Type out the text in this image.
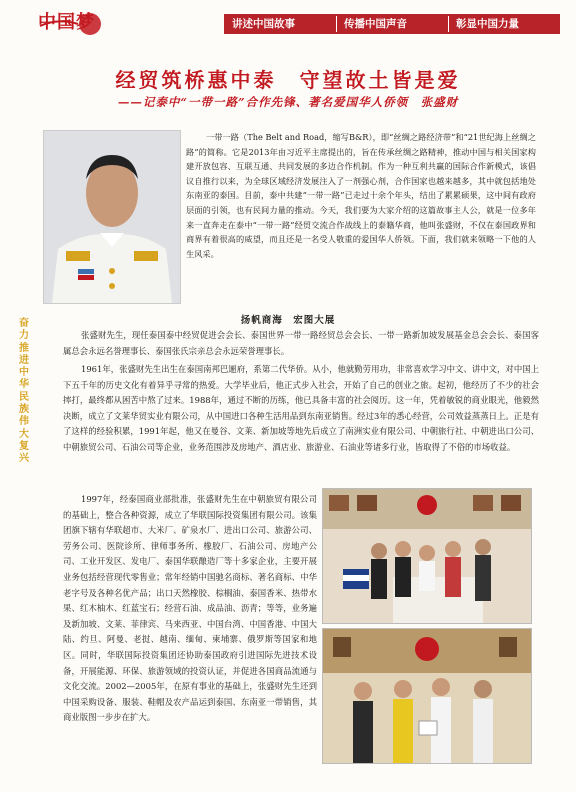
中国梦	讲述中国故事	传播中国声音	彰显中国力量
经贸筑桥惠中泰　守望故土皆是爱
——记泰中“一带一路”合作先锋、著名爱国华人侨领　张盛财
一带一路（The Belt and Road，缩写B&R），即“丝绸之路经济带”和“21世纪海上丝绸之路”的简称。它是2013年由习近平主席提出的，旨在传承丝绸之路精神，推动中国与相关国家构建开放包容、互联互通、共同发展的多边合作机制。作为一种互利共赢的国际合作新模式，该倡议自推行以来，为全球区域经济发展注入了一剂强心剂，合作国家也越来越多，其中就包括地处东南亚的泰国。目前，泰中共建“一带一路”已走过十余个年头，结出了累累硕果，这中间有政府层面的引领，也有民间力量的推动。今天，我们要为大家介绍的这篇故事主人公，就是一位多年来一直奔走在泰中“一带一路”经贸交流合作战线上的泰籍华商，他叫张盛财，不仅在泰国政界和商界有着很高的威望，而且还是一名受人敬重的爱国华人侨领。下面，我们就来领略一下他的人生风采。
奋
力
推
进
中
华
民
族
伟
大
复
兴
扬帆商海　宏图大展
张盛财先生，现任泰国泰中经贸促进会会长、泰国世界一带一路经贸总会会长、一带一路新加坡发展基金总会会长、泰国客属总会永远名誉理事长、泰国张氏宗亲总会永远荣誉理事长。
1961年，张盛财先生出生在泰国南邦巴逦府，系第二代华侨。从小，他就勤劳用功，非常喜欢学习中文、讲中文，对中国上下五千年的历史文化有着异乎寻常的热爱。大学毕业后，他正式步入社会，开始了自己的创业之旅。起初，他经历了不少的社会摔打，最终都从困苦中熬了过来。1988年，通过不断的历练，他已具备丰富的社会阅历。这一年，凭着敏锐的商业眼光，他毅然决断，成立了文莱华贸实业有限公司，从中国进口各种生活用品到东南亚销售。经过3年的悉心经营，公司效益蒸蒸日上。正是有了这样的经验积累，1991年起，他又在曼谷、文莱、新加坡等地先后成立了南洲实业有限公司、中朝旅行社、中朝进出口公司、中朝旅贸公司、石油公司等企业，业务范围涉及房地产、酒店业、旅游业、石油业等诸多行业，皆取得了不俗的市场收益。
1997年，经泰国商业部批准，张盛财先生在中朝旅贸有限公司的基础上，整合各种资源，成立了华联国际投资集团有限公司。该集团旗下辖有华联超市、大米厂、矿泉水厂、进出口公司、旅游公司、劳务公司、医院诊所、律师事务所、橡胶厂、石油公司、房地产公司、工业开发区、发电厂、泰国华联酿造厂等十多家企业，主要开展业务包括经营现代零售业；常年经销中国驰名商标、著名商标、中华老字号及各种名优产品；出口天然橡胶、棕榈油、泰国香米、热带水果、红木柚木、红蓝宝石；经营石油、成品油、沥青；等等，业务遍及新加坡、文莱、菲律宾、马来西亚、中国台湾、中国香港、中国大陆、约旦、阿曼、老挝、越南、缅甸、柬埔寨、俄罗斯等国家和地区。同时，华联国际投资集团还协助泰国政府引进国际先进技术设备，开展能源、环保、旅游领域的投资认证，并促进各国商品流通与文化交流。2002—2005年，在原有事业的基础上，张盛财先生还到中国采购设备、服装、鞋帽及农产品运到泰国、东南亚一带销售，其商业版图一步步在扩大。
